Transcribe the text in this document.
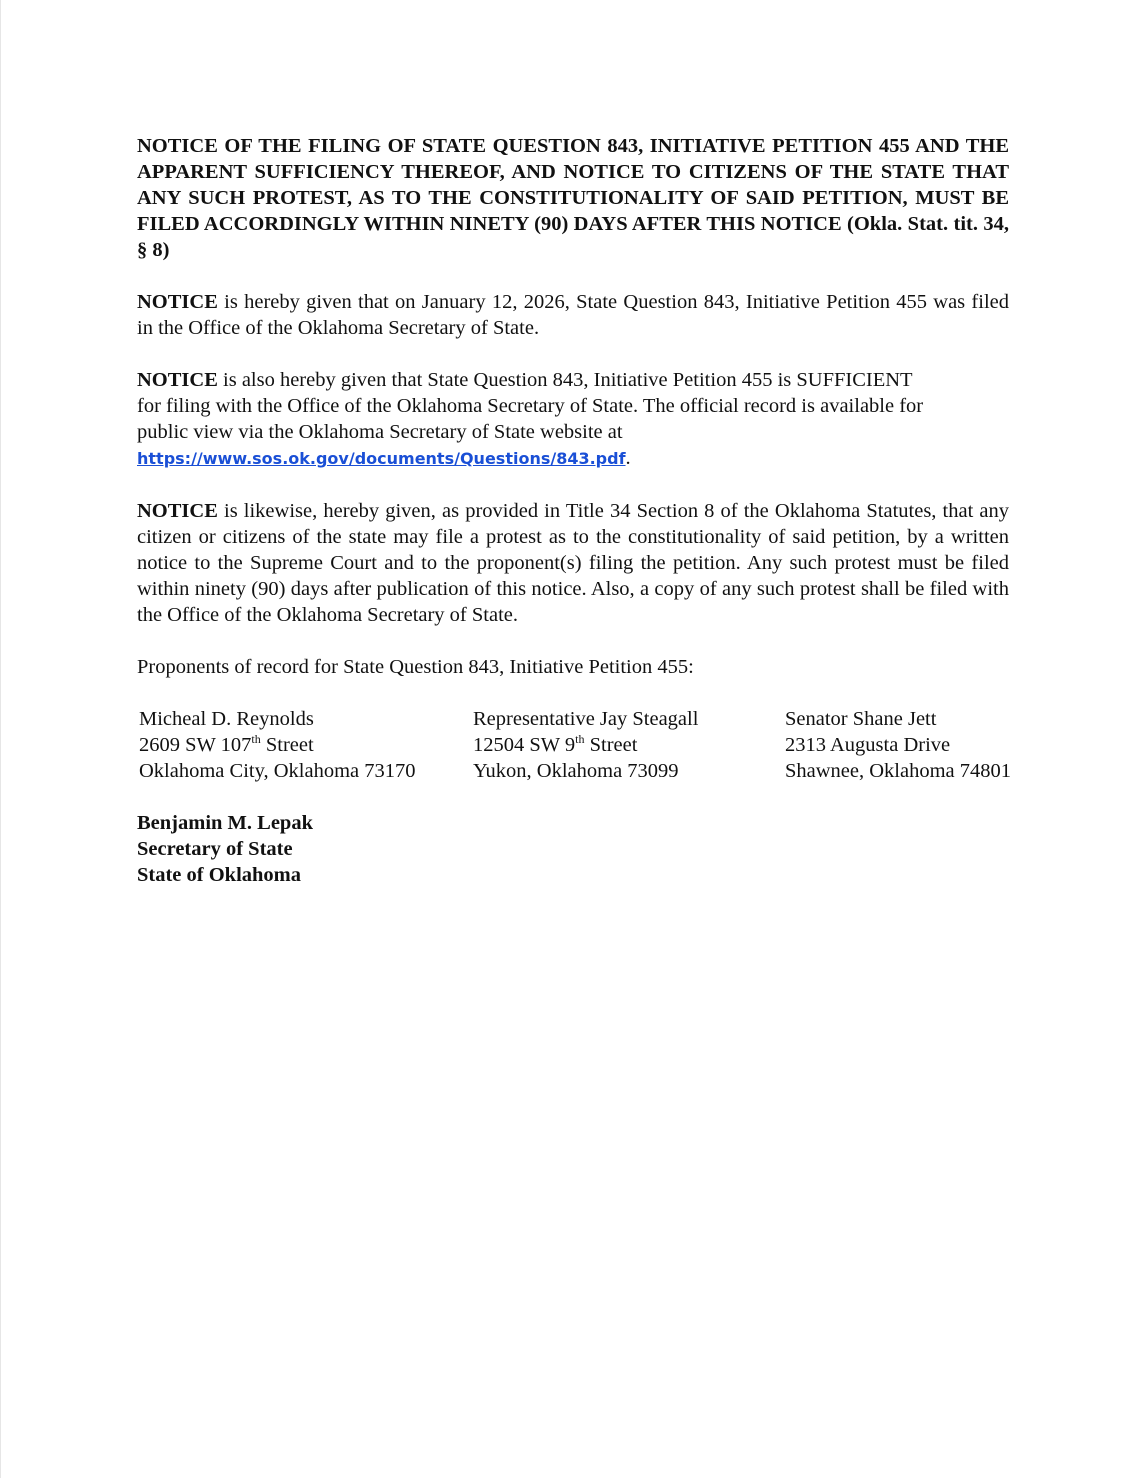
NOTICE OF THE FILING OF STATE QUESTION 843, INITIATIVE PETITION 455 AND THE APPARENT SUFFICIENCY THEREOF, AND NOTICE TO CITIZENS OF THE STATE THAT ANY SUCH PROTEST, AS TO THE CONSTITUTIONALITY OF SAID PETITION, MUST BE FILED ACCORDINGLY WITHIN NINETY (90) DAYS AFTER THIS NOTICE (Okla. Stat. tit. 34, § 8)

NOTICE is hereby given that on January 12, 2026, State Question 843, Initiative Petition 455 was filed in the Office of the Oklahoma Secretary of State.

NOTICE is also hereby given that State Question 843, Initiative Petition 455 is SUFFICIENT
for filing with the Office of the Oklahoma Secretary of State. The official record is available for
public view via the Oklahoma Secretary of State website at
https://www.sos.ok.gov/documents/Questions/843.pdf.

NOTICE is likewise, hereby given, as provided in Title 34 Section 8 of the Oklahoma Statutes, that any citizen or citizens of the state may file a protest as to the constitutionality of said petition, by a written notice to the Supreme Court and to the proponent(s) filing the petition. Any such protest must be filed within ninety (90) days after publication of this notice. Also, a copy of any such protest shall be filed with the Office of the Oklahoma Secretary of State.

Proponents of record for State Question 843, Initiative Petition 455:

Micheal D. Reynolds
2609 SW 107th Street
Oklahoma City, Oklahoma 73170
Representative Jay Steagall
12504 SW 9th Street
Yukon, Oklahoma 73099
Senator Shane Jett
2313 Augusta Drive
Shawnee, Oklahoma 74801
Benjamin M. Lepak
Secretary of State
State of Oklahoma
